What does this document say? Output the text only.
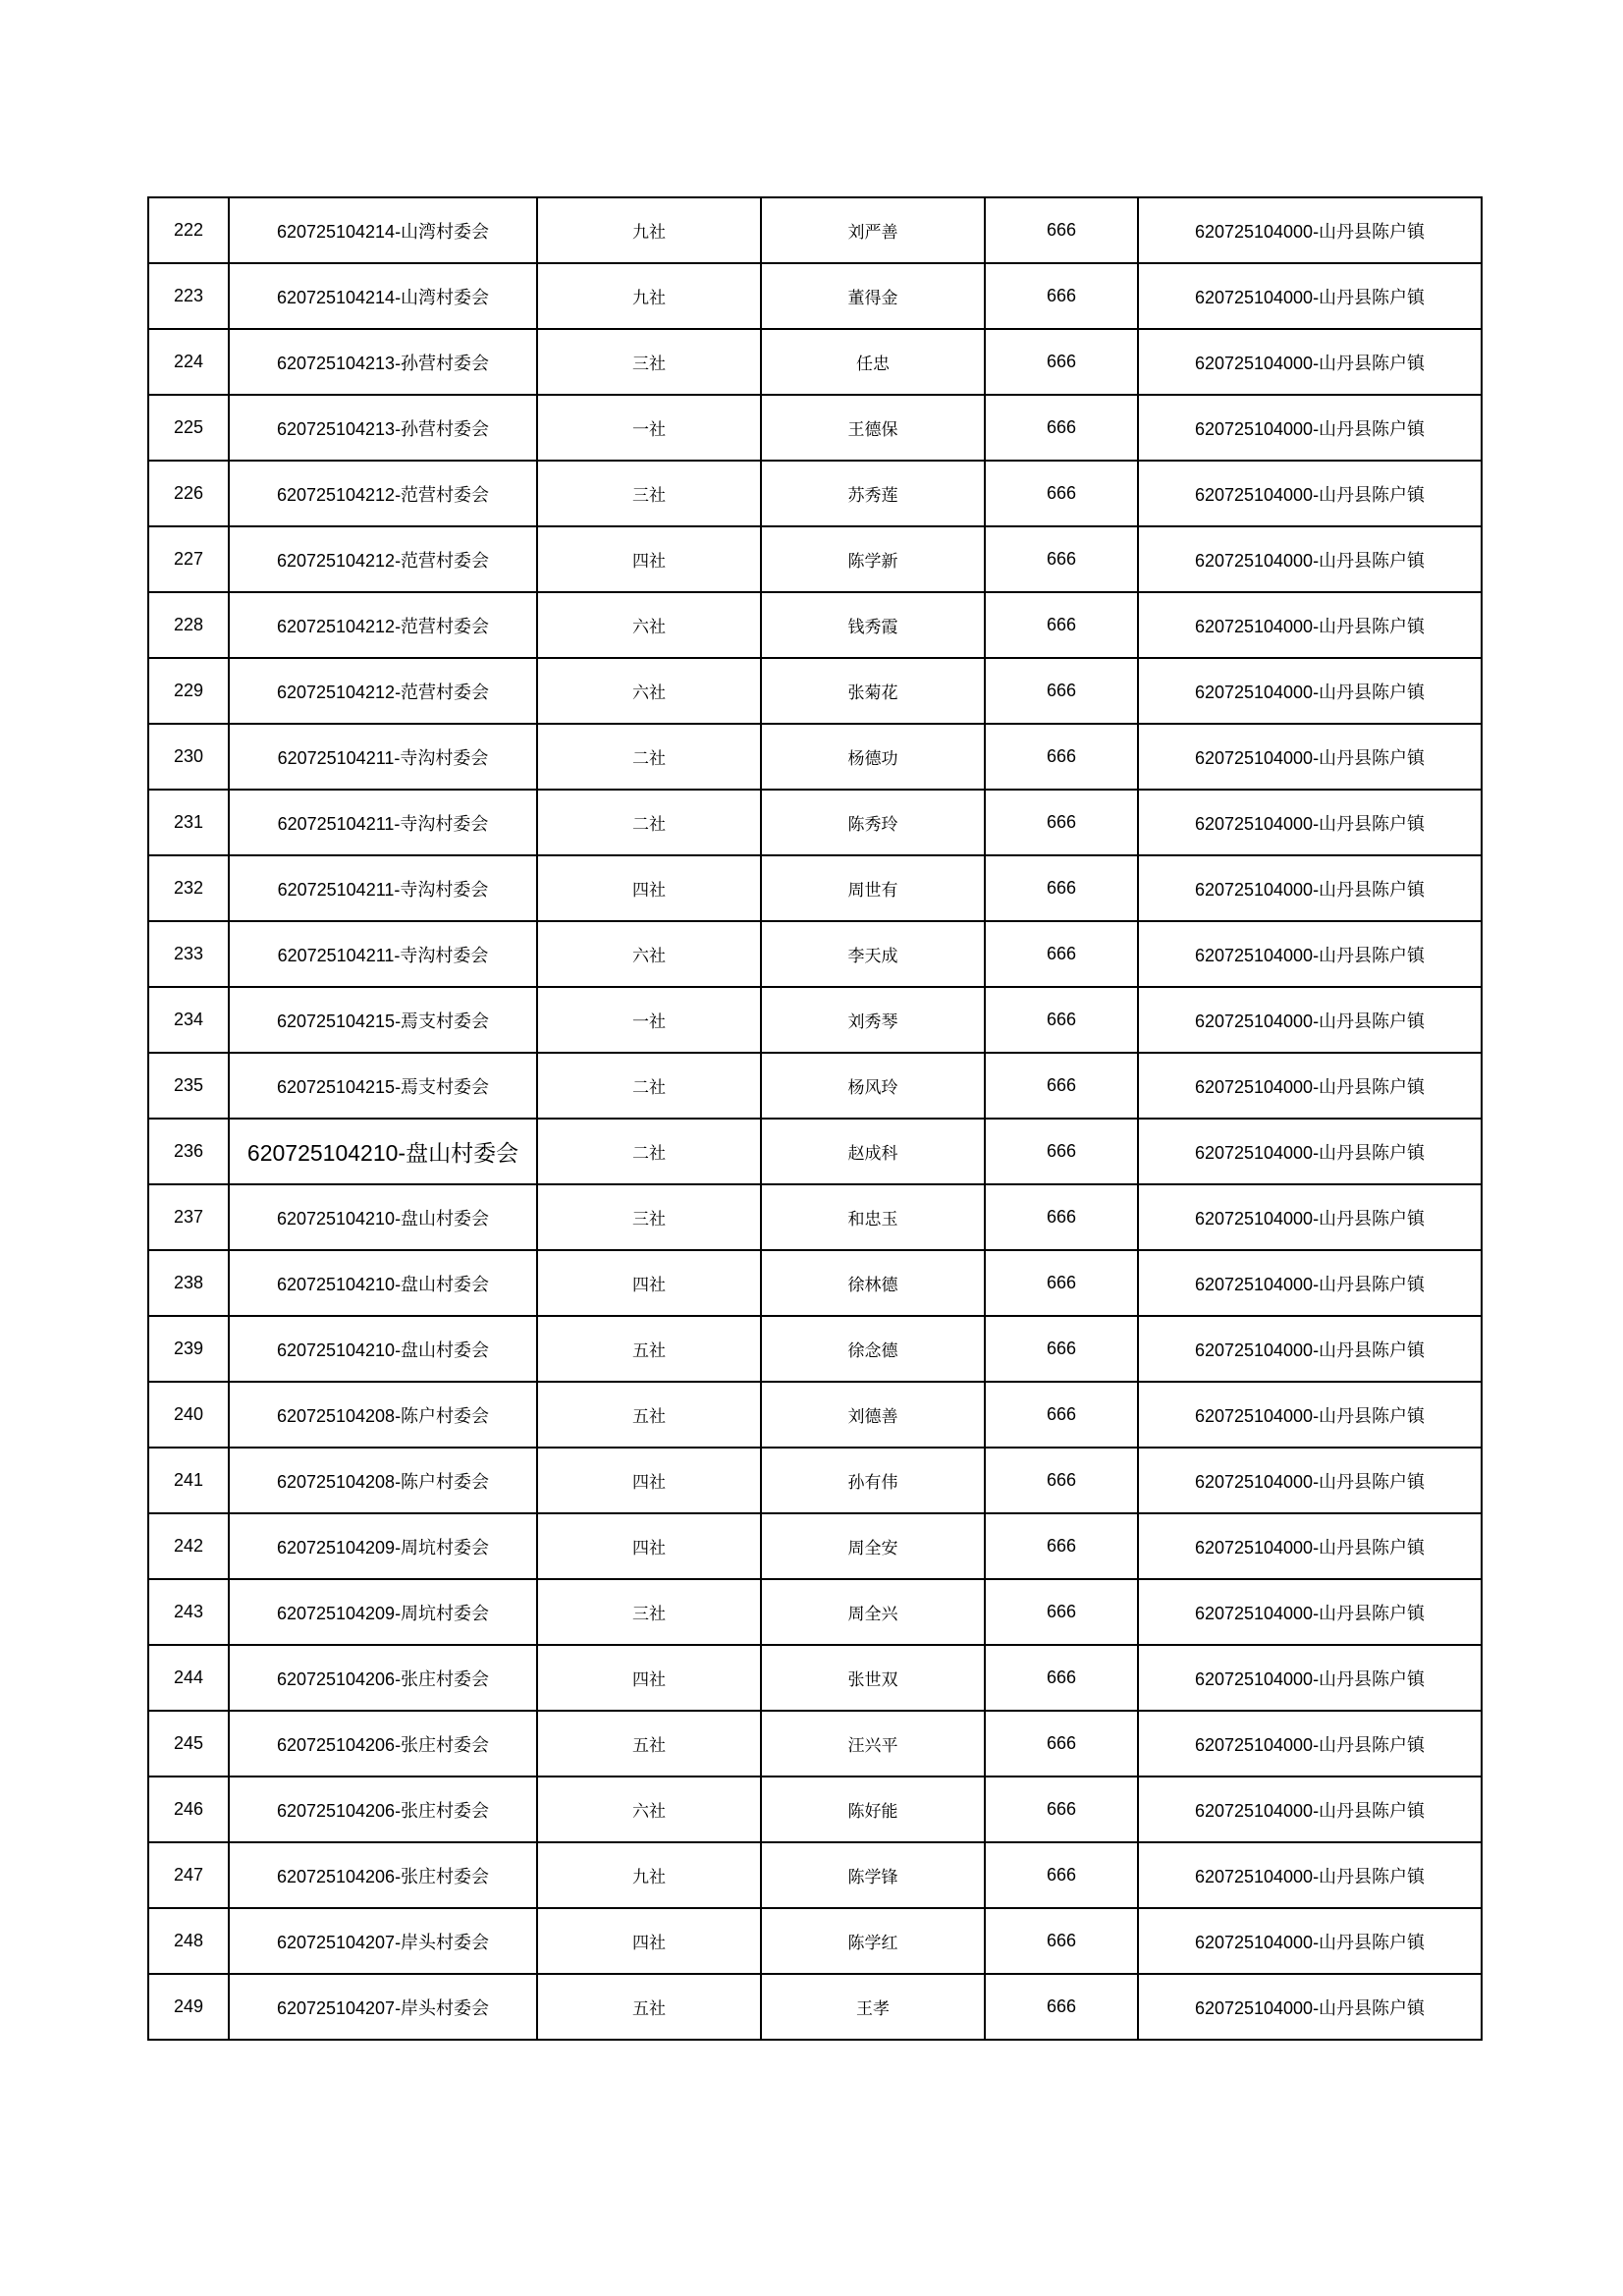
222	620725104214-山湾村委会	九社	刘严善	666	620725104000-山丹县陈户镇
223	620725104214-山湾村委会	九社	董得金	666	620725104000-山丹县陈户镇
224	620725104213-孙营村委会	三社	任忠	666	620725104000-山丹县陈户镇
225	620725104213-孙营村委会	一社	王德保	666	620725104000-山丹县陈户镇
226	620725104212-范营村委会	三社	苏秀莲	666	620725104000-山丹县陈户镇
227	620725104212-范营村委会	四社	陈学新	666	620725104000-山丹县陈户镇
228	620725104212-范营村委会	六社	钱秀霞	666	620725104000-山丹县陈户镇
229	620725104212-范营村委会	六社	张菊花	666	620725104000-山丹县陈户镇
230	620725104211-寺沟村委会	二社	杨德功	666	620725104000-山丹县陈户镇
231	620725104211-寺沟村委会	二社	陈秀玲	666	620725104000-山丹县陈户镇
232	620725104211-寺沟村委会	四社	周世有	666	620725104000-山丹县陈户镇
233	620725104211-寺沟村委会	六社	李天成	666	620725104000-山丹县陈户镇
234	620725104215-焉支村委会	一社	刘秀琴	666	620725104000-山丹县陈户镇
235	620725104215-焉支村委会	二社	杨风玲	666	620725104000-山丹县陈户镇
236	620725104210-盘山村委会	二社	赵成科	666	620725104000-山丹县陈户镇
237	620725104210-盘山村委会	三社	和忠玉	666	620725104000-山丹县陈户镇
238	620725104210-盘山村委会	四社	徐林德	666	620725104000-山丹县陈户镇
239	620725104210-盘山村委会	五社	徐念德	666	620725104000-山丹县陈户镇
240	620725104208-陈户村委会	五社	刘德善	666	620725104000-山丹县陈户镇
241	620725104208-陈户村委会	四社	孙有伟	666	620725104000-山丹县陈户镇
242	620725104209-周坑村委会	四社	周全安	666	620725104000-山丹县陈户镇
243	620725104209-周坑村委会	三社	周全兴	666	620725104000-山丹县陈户镇
244	620725104206-张庄村委会	四社	张世双	666	620725104000-山丹县陈户镇
245	620725104206-张庄村委会	五社	汪兴平	666	620725104000-山丹县陈户镇
246	620725104206-张庄村委会	六社	陈好能	666	620725104000-山丹县陈户镇
247	620725104206-张庄村委会	九社	陈学锋	666	620725104000-山丹县陈户镇
248	620725104207-岸头村委会	四社	陈学红	666	620725104000-山丹县陈户镇
249	620725104207-岸头村委会	五社	王孝	666	620725104000-山丹县陈户镇
